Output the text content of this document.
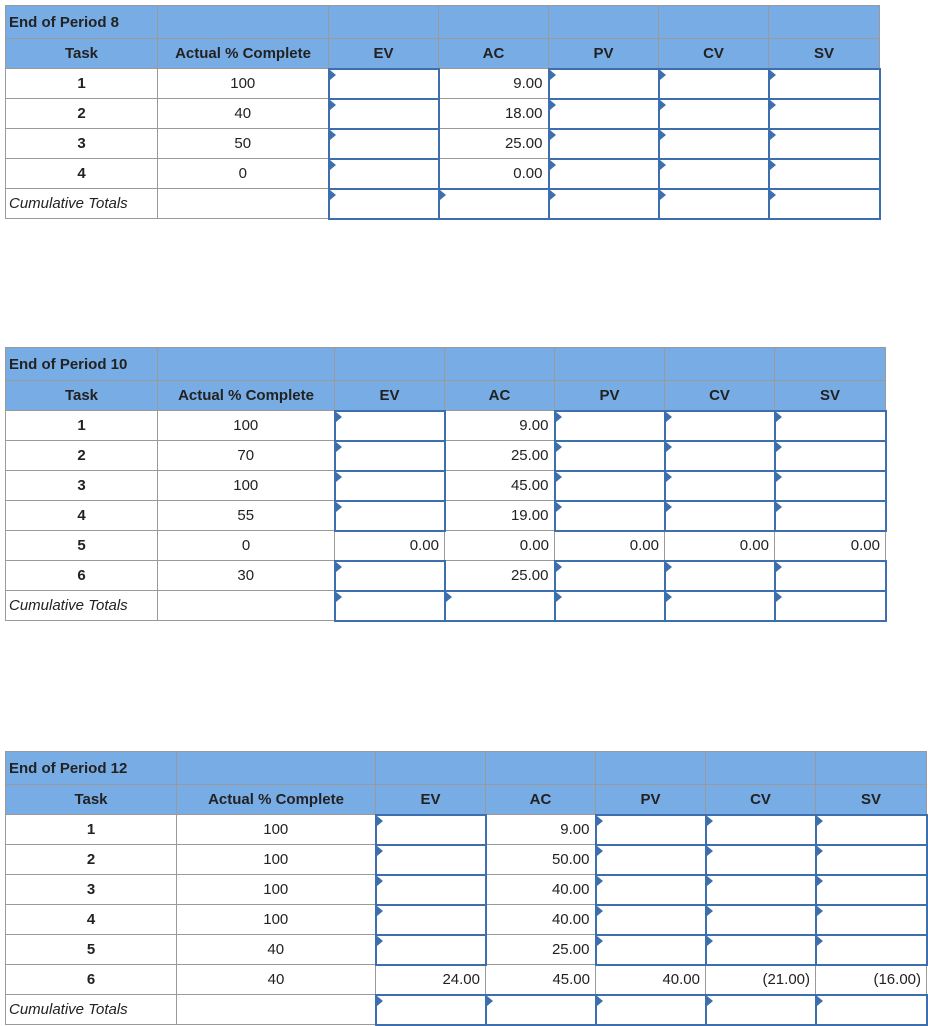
End of Period 8						
Task	Actual % Complete	EV	AC	PV	CV	SV
1	100		9.00	

2	40		18.00	

3	50		25.00	

4	0		0.00	

Cumulative Totals		

End of Period 10						
Task	Actual % Complete	EV	AC	PV	CV	SV
1	100		9.00	

2	70		25.00	

3	100		45.00	

4	55		19.00	

5	0	0.00	0.00	0.00	0.00	0.00
6	30		25.00	

Cumulative Totals		

End of Period 12						
Task	Actual % Complete	EV	AC	PV	CV	SV
1	100		9.00	

2	100		50.00	

3	100		40.00	

4	100		40.00	

5	40		25.00	

6	40	24.00	45.00	40.00	(21.00)	(16.00)
Cumulative Totals		
